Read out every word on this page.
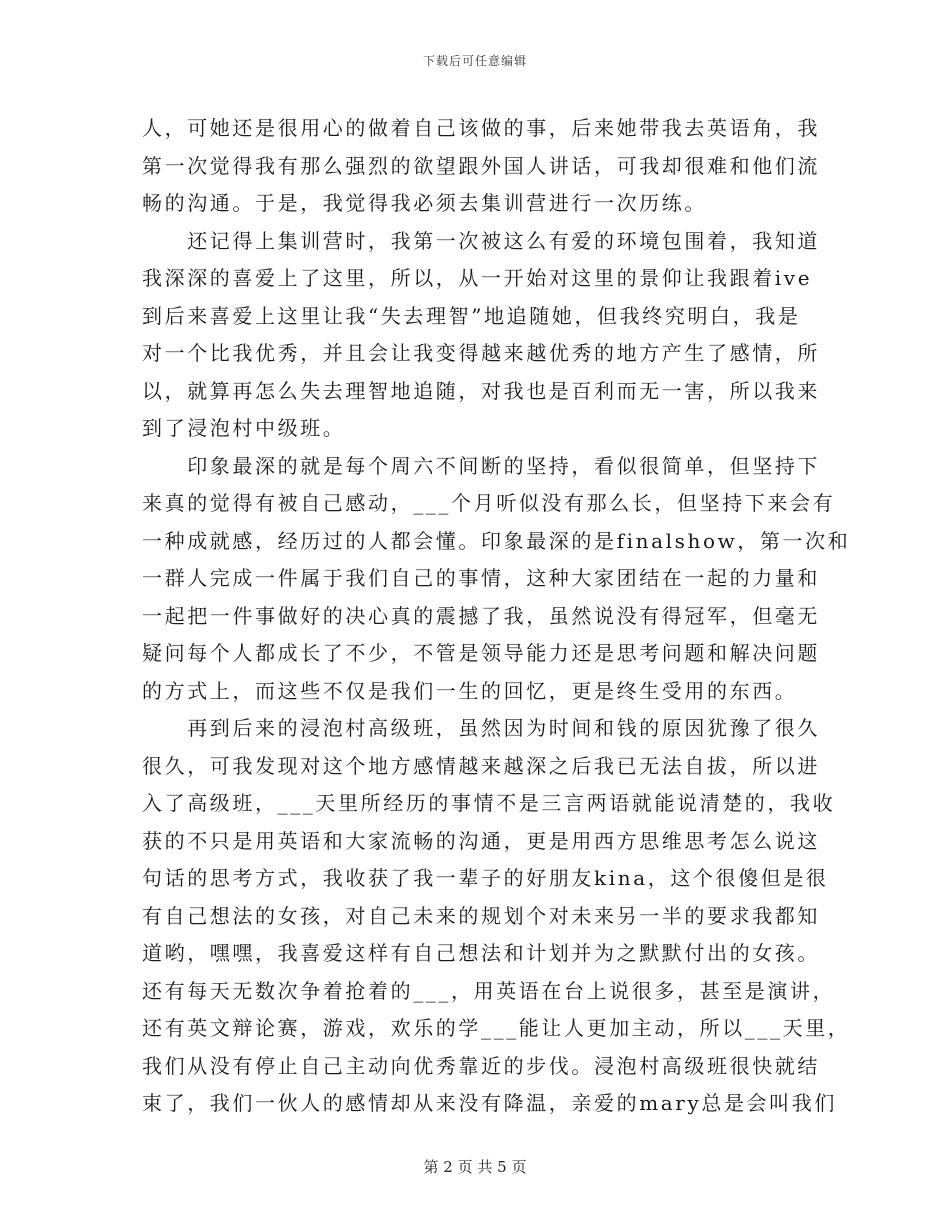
下载后可任意编辑
人，可她还是很用心的做着自己该做的事，后来她带我去英语角，我
第一次觉得我有那么强烈的欲望跟外国人讲话，可我却很难和他们流
畅的沟通。于是，我觉得我必须去集训营进行一次历练。
　　还记得上集训营时，我第一次被这么有爱的环境包围着，我知道
我深深的喜爱上了这里，所以，从一开始对这里的景仰让我跟着ive
到后来喜爱上这里让我“失去理智”地追随她，但我终究明白，我是
对一个比我优秀，并且会让我变得越来越优秀的地方产生了感情，所
以，就算再怎么失去理智地追随，对我也是百利而无一害，所以我来
到了浸泡村中级班。
　　印象最深的就是每个周六不间断的坚持，看似很简单，但坚持下
来真的觉得有被自己感动，___个月听似没有那么长，但坚持下来会有
一种成就感，经历过的人都会懂。印象最深的是finalshow，第一次和
一群人完成一件属于我们自己的事情，这种大家团结在一起的力量和
一起把一件事做好的决心真的震撼了我，虽然说没有得冠军，但毫无
疑问每个人都成长了不少，不管是领导能力还是思考问题和解决问题
的方式上，而这些不仅是我们一生的回忆，更是终生受用的东西。
　　再到后来的浸泡村高级班，虽然因为时间和钱的原因犹豫了很久
很久，可我发现对这个地方感情越来越深之后我已无法自拔，所以进
入了高级班，___天里所经历的事情不是三言两语就能说清楚的，我收
获的不只是用英语和大家流畅的沟通，更是用西方思维思考怎么说这
句话的思考方式，我收获了我一辈子的好朋友kina，这个很傻但是很
有自己想法的女孩，对自己未来的规划个对未来另一半的要求我都知
道哟，嘿嘿，我喜爱这样有自己想法和计划并为之默默付出的女孩。
还有每天无数次争着抢着的___，用英语在台上说很多，甚至是演讲，
还有英文辩论赛，游戏，欢乐的学___能让人更加主动，所以___天里，
我们从没有停止自己主动向优秀靠近的步伐。浸泡村高级班很快就结
束了，我们一伙人的感情却从来没有降温，亲爱的mary总是会叫我们
第 2 页 共 5 页
